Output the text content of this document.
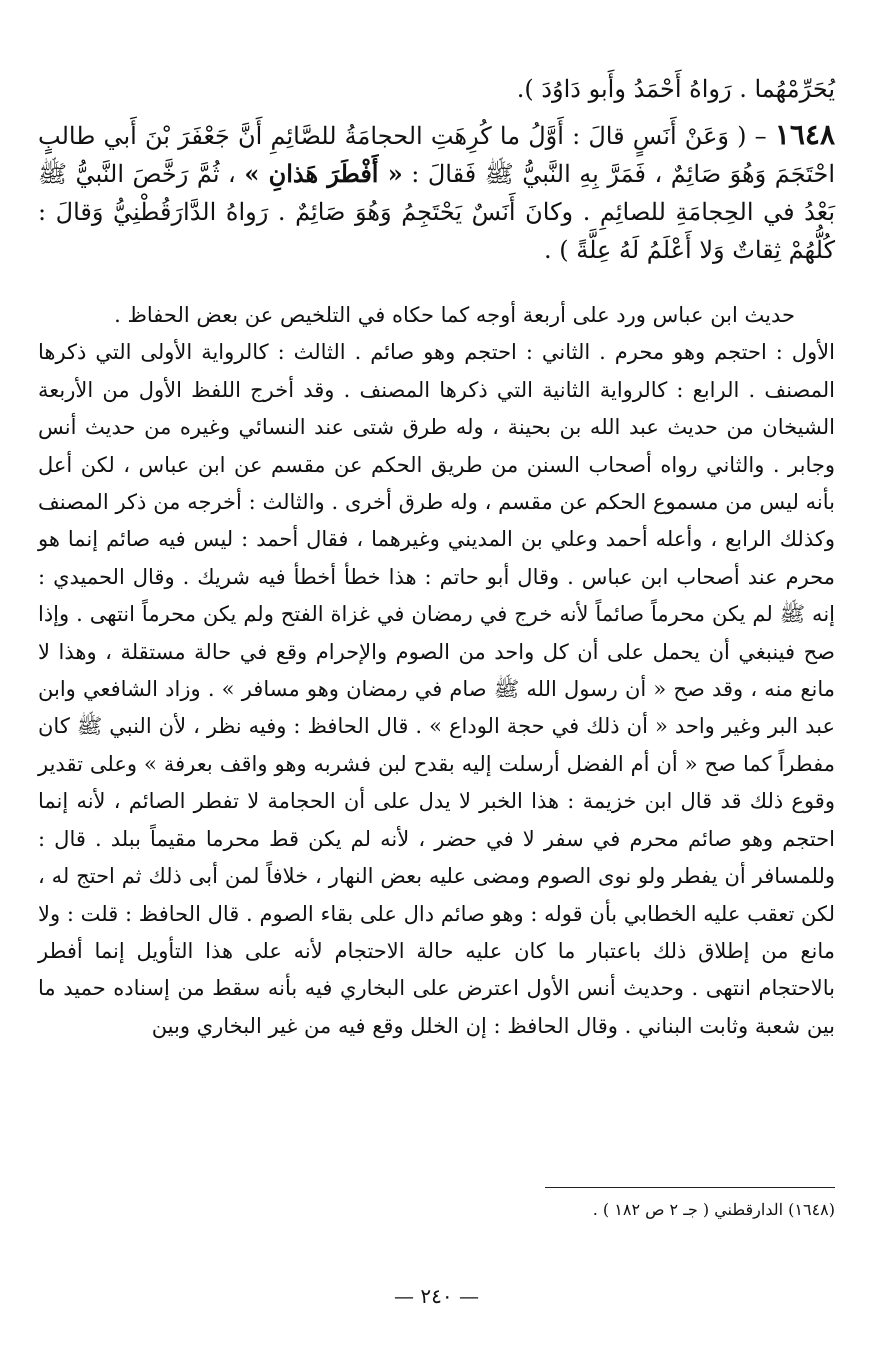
يُحَرِّمْهُما . رَواهُ أَحْمَدُ وأَبو دَاوُدَ ).

١٦٤٨ – ( وَعَنْ أَنَسٍ قالَ : أَوَّلُ ما كُرِهَتِ الحجامَةُ للصَّائِمِ أَنَّ جَعْفَرَ بْنَ أَبي طالبٍ احْتَجَمَ وَهُوَ صَائِمٌ ، فَمَرَّ بِهِ النَّبيُّ ﷺ فَقالَ : « أَفْطَرَ هَذانِ » ، ثُمَّ رَخَّصَ النَّبيُّ ﷺ بَعْدُ في الحِجامَةِ للصائِمِ . وكانَ أَنَسٌ يَحْتَجِمُ وَهُوَ صَائِمٌ . رَواهُ الدَّارَقُطْنِيُّ وَقالَ : كُلُّهُمْ ثِقاتٌ وَلا أَعْلَمُ لَهُ عِلَّةً ) .

حديث ابن عباس ورد على أربعة أوجه كما حكاه في التلخيص عن بعض الحفاظ .
الأول : احتجم وهو محرم . الثاني : احتجم وهو صائم . الثالث : كالرواية الأولى التي ذكرها المصنف . الرابع : كالرواية الثانية التي ذكرها المصنف . وقد أخرج اللفظ الأول من الأربعة الشيخان من حديث عبد الله بن بحينة ، وله طرق شتى عند النسائي وغيره من حديث أنس وجابر . والثاني رواه أصحاب السنن من طريق الحكم عن مقسم عن ابن عباس ، لكن أعل بأنه ليس من مسموع الحكم عن مقسم ، وله طرق أخرى . والثالث : أخرجه من ذكر المصنف وكذلك الرابع ، وأعله أحمد وعلي بن المديني وغيرهما ، فقال أحمد : ليس فيه صائم إنما هو محرم عند أصحاب ابن عباس . وقال أبو حاتم : هذا خطأ أخطأ فيه شريك . وقال الحميدي : إنه ﷺ لم يكن محرماً صائماً لأنه خرج في رمضان في غزاة الفتح ولم يكن محرماً انتهى . وإذا صح فينبغي أن يحمل على أن كل واحد من الصوم والإحرام وقع في حالة مستقلة ، وهذا لا مانع منه ، وقد صح « أن رسول الله ﷺ صام في رمضان وهو مسافر » . وزاد الشافعي وابن عبد البر وغير واحد « أن ذلك في حجة الوداع » . قال الحافظ : وفيه نظر ، لأن النبي ﷺ كان مفطراً كما صح « أن أم الفضل أرسلت إليه بقدح لبن فشربه وهو واقف بعرفة » وعلى تقدير وقوع ذلك قد قال ابن خزيمة : هذا الخبر لا يدل على أن الحجامة لا تفطر الصائم ، لأنه إنما احتجم وهو صائم محرم في سفر لا في حضر ، لأنه لم يكن قط محرما مقيماً ببلد . قال : وللمسافر أن يفطر ولو نوى الصوم ومضى عليه بعض النهار ، خلافاً لمن أبى ذلك ثم احتج له ، لكن تعقب عليه الخطابي بأن قوله : وهو صائم دال على بقاء الصوم . قال الحافظ : قلت : ولا مانع من إطلاق ذلك باعتبار ما كان عليه حالة الاحتجام لأنه على هذا التأويل إنما أفطر بالاحتجام انتهى . وحديث أنس الأول اعترض على البخاري فيه بأنه سقط من إسناده حميد ما بين شعبة وثابت البناني . وقال الحافظ : إن الخلل وقع فيه من غير البخاري وبين
(١٦٤٨) الدارقطني ( جـ ٢ ص ١٨٢ ) .
— ٢٤٠ —
